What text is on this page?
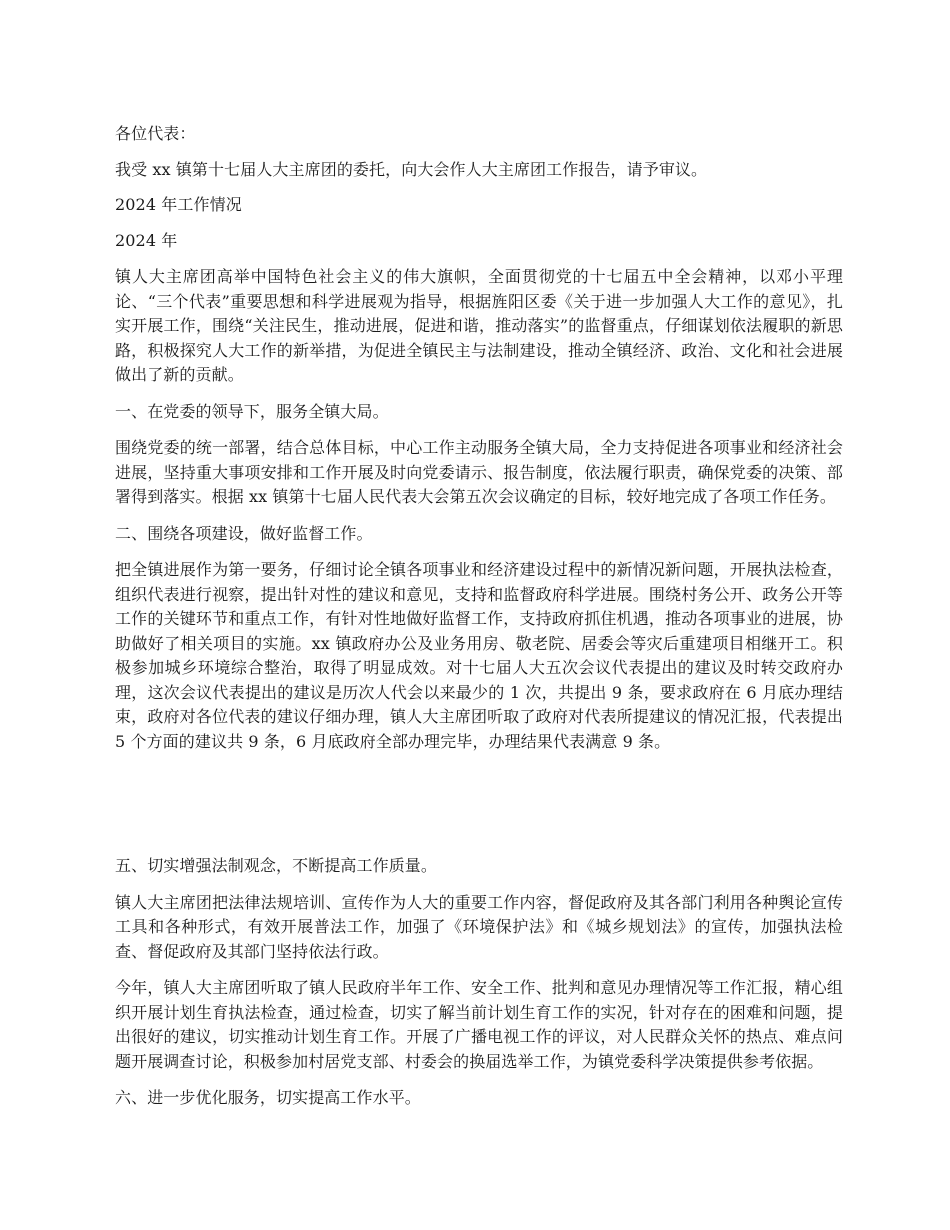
各位代表：

我受 xx 镇第十七届人大主席团的委托，向大会作人大主席团工作报告，请予审议。

2024 年工作情况

2024 年

镇人大主席团高举中国特色社会主义的伟大旗帜，全面贯彻党的十七届五中全会精神，以邓小平理论、“三个代表”重要思想和科学进展观为指导，根据旌阳区委《关于进一步加强人大工作的意见》，扎实开展工作，围绕“关注民生，推动进展，促进和谐，推动落实”的监督重点，仔细谋划依法履职的新思路，积极探究人大工作的新举措，为促进全镇民主与法制建设，推动全镇经济、政治、文化和社会进展做出了新的贡献。

一、在党委的领导下，服务全镇大局。

围绕党委的统一部署，结合总体目标，中心工作主动服务全镇大局，全力支持促进各项事业和经济社会进展，坚持重大事项安排和工作开展及时向党委请示、报告制度，依法履行职责，确保党委的决策、部署得到落实。根据 xx 镇第十七届人民代表大会第五次会议确定的目标，较好地完成了各项工作任务。

二、围绕各项建设，做好监督工作。

把全镇进展作为第一要务，仔细讨论全镇各项事业和经济建设过程中的新情况新问题，开展执法检查，组织代表进行视察，提出针对性的建议和意见，支持和监督政府科学进展。围绕村务公开、政务公开等工作的关键环节和重点工作，有针对性地做好监督工作，支持政府抓住机遇，推动各项事业的进展，协助做好了相关项目的实施。xx 镇政府办公及业务用房、敬老院、居委会等灾后重建项目相继开工。积极参加城乡环境综合整治，取得了明显成效。对十七届人大五次会议代表提出的建议及时转交政府办理，这次会议代表提出的建议是历次人代会以来最少的 1 次，共提出 9 条，要求政府在 6 月底办理结束，政府对各位代表的建议仔细办理，镇人大主席团听取了政府对代表所提建议的情况汇报，代表提出 5 个方面的建议共 9 条，6 月底政府全部办理完毕，办理结果代表满意 9 条。

五、切实增强法制观念，不断提高工作质量。

镇人大主席团把法律法规培训、宣传作为人大的重要工作内容，督促政府及其各部门利用各种舆论宣传工具和各种形式，有效开展普法工作，加强了《环境保护法》和《城乡规划法》的宣传，加强执法检查、督促政府及其部门坚持依法行政。

今年，镇人大主席团听取了镇人民政府半年工作、安全工作、批判和意见办理情况等工作汇报，精心组织开展计划生育执法检查，通过检查，切实了解当前计划生育工作的实况，针对存在的困难和问题，提出很好的建议，切实推动计划生育工作。开展了广播电视工作的评议，对人民群众关怀的热点、难点问题开展调查讨论，积极参加村居党支部、村委会的换届选举工作，为镇党委科学决策提供参考依据。

六、进一步优化服务，切实提高工作水平。
